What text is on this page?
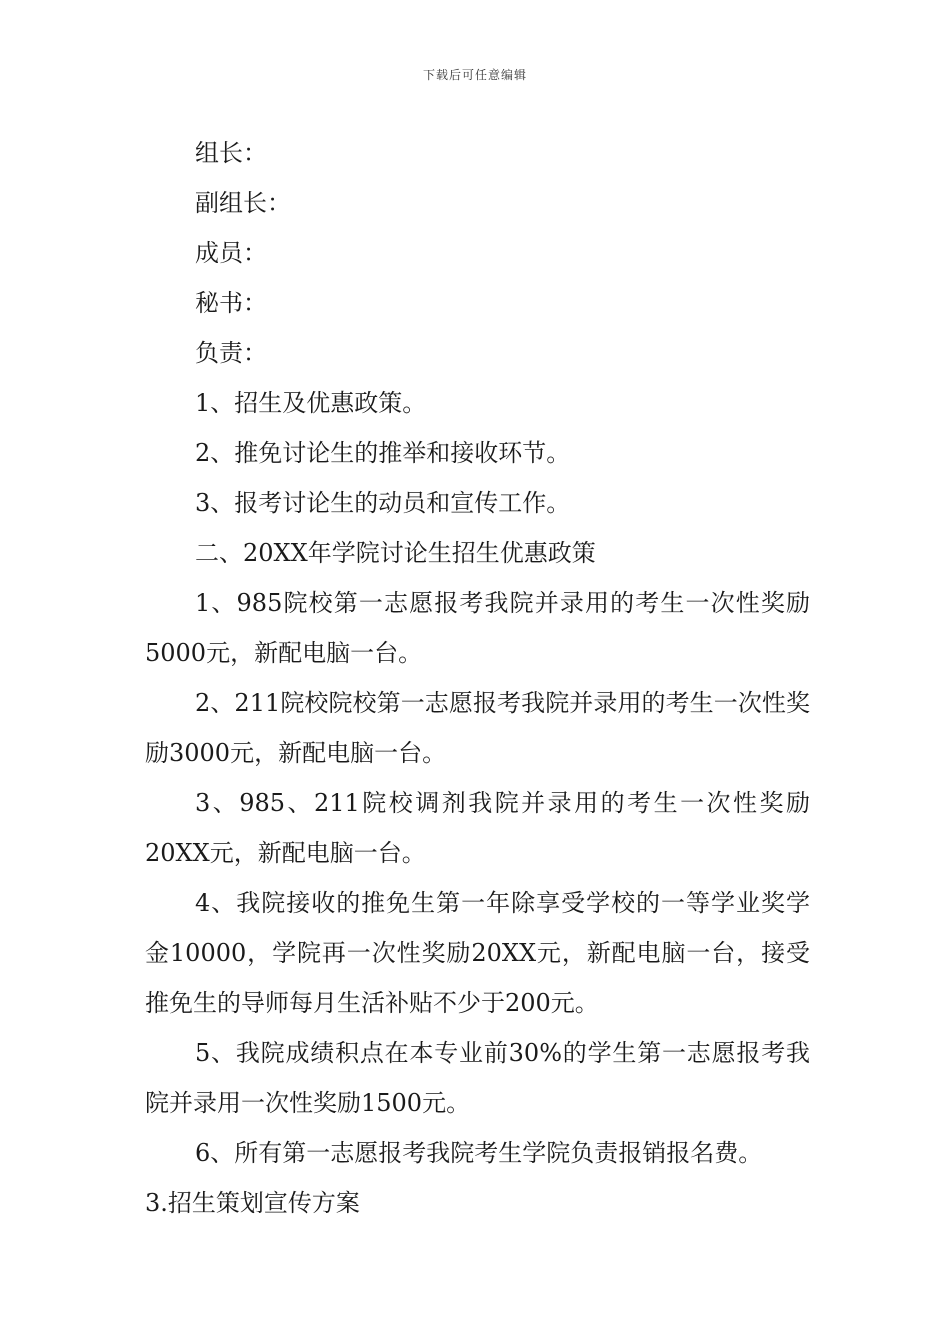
下载后可任意编辑
组长：
副组长：
成员：
秘书：
负责：
1、招生及优惠政策。
2、推免讨论生的推举和接收环节。
3、报考讨论生的动员和宣传工作。
二、20XX年学院讨论生招生优惠政策

1、985院校第一志愿报考我院并录用的考生一次性奖励5000元，新配电脑一台。

2、211院校院校第一志愿报考我院并录用的考生一次性奖励3000元，新配电脑一台。

3、985、211院校调剂我院并录用的考生一次性奖励20XX元，新配电脑一台。

4、我院接收的推免生第一年除享受学校的一等学业奖学金10000，学院再一次性奖励20XX元，新配电脑一台，接受推免生的导师每月生活补贴不少于200元。

5、我院成绩积点在本专业前30%的学生第一志愿报考我院并录用一次性奖励1500元。

6、所有第一志愿报考我院考生学院负责报销报名费。

3.招生策划宣传方案
